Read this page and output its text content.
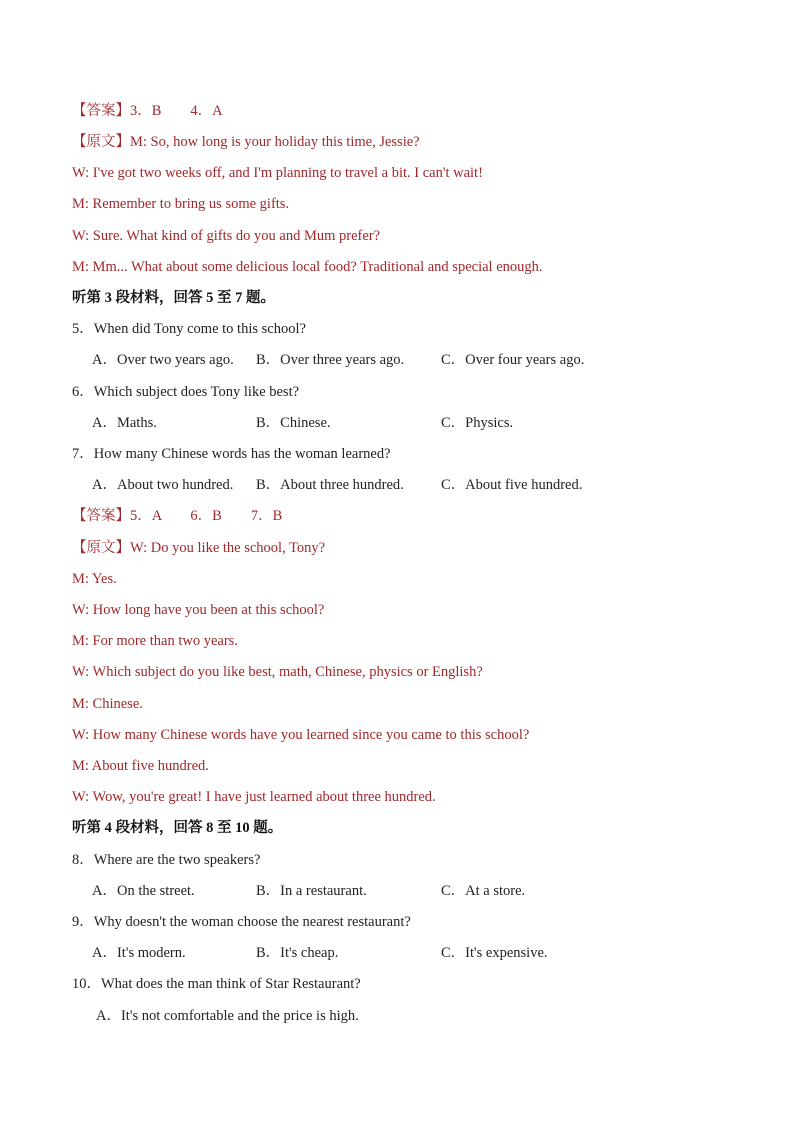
【答案】3．B　　4．A
【原文】M: So, how long is your holiday this time, Jessie?
W: I've got two weeks off, and I'm planning to travel a bit. I can't wait!
M: Remember to bring us some gifts.
W: Sure. What kind of gifts do you and Mum prefer?
M: Mm... What about some delicious local food? Traditional and special enough.
听第 3 段材料，回答 5 至 7 题。
5．When did Tony come to this school?
A．Over two years ago. B．Over three years ago.	C．Over four years ago.
6．Which subject does Tony like best?
A．Maths.	B．Chinese.	C．Physics.
7．How many Chinese words has the woman learned?
A．About two hundred. B．About three hundred.	C．About five hundred.
【答案】5．A　　6．B　　7．B
【原文】W: Do you like the school, Tony?
M: Yes.
W: How long have you been at this school?
M: For more than two years.
W: Which subject do you like best, math, Chinese, physics or English?
M: Chinese.
W: How many Chinese words have you learned since you came to this school?
M: About five hundred.
W: Wow, you're great! I have just learned about three hundred.
听第 4 段材料，回答 8 至 10 题。
8．Where are the two speakers?
A．On the street.	B．In a restaurant.	C．At a store.
9．Why doesn't the woman choose the nearest restaurant?
A．It's modern.	B．It's cheap.	C．It's expensive.
10．What does the man think of Star Restaurant?
A．It's not comfortable and the price is high.
